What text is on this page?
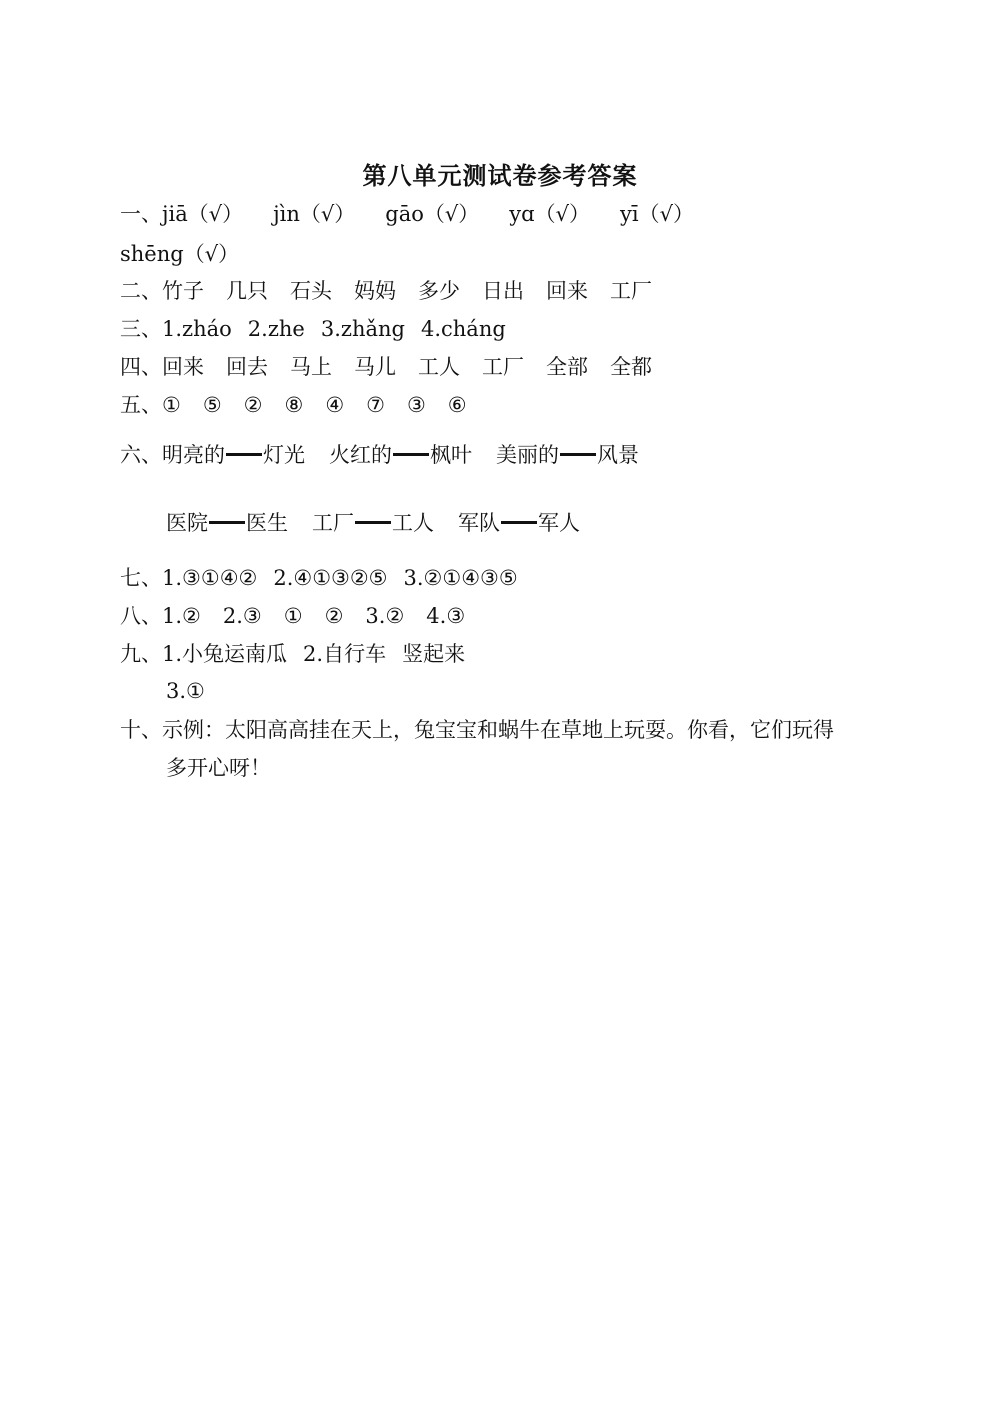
第八单元测试卷参考答案
一、jiā（√） jìn（√） gāo（√） yɑ（√） yī（√）
shēng（√）
二、竹子 几只 石头 妈妈 多少 日出 回来 工厂
三、1.zháo 2.zhe 3.zhǎng 4.cháng
四、回来 回去 马上 马儿 工人 工厂 全部 全都
五、① ⑤ ② ⑧ ④ ⑦ ③ ⑥
六、明亮的 灯光 火红的 枫叶 美丽的 风景
医院 医生 工厂 工人 军队 军人
七、1.③①④② 2.④①③②⑤ 3.②①④③⑤
八、1.② 2.③ ① ② 3.② 4.③
九、1.小兔运南瓜 2.自行车 竖起来
3.①
十、示例：太阳高高挂在天上，兔宝宝和蜗牛在草地上玩耍。你看，它们玩得
多开心呀！
